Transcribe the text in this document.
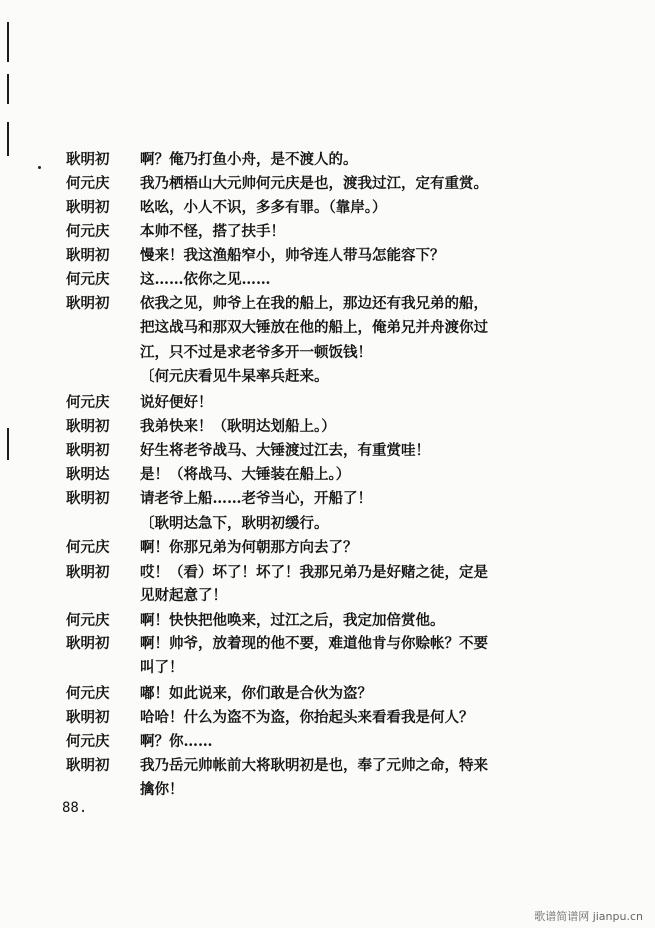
耿明初	啊？俺乃打鱼小舟，是不渡人的。
何元庆	我乃栖梧山大元帅何元庆是也，渡我过江，定有重赏。
耿明初	吆吆，小人不识，多多有罪。（靠岸。）
何元庆	本帅不怪，搭了扶手！
耿明初	慢来！我这渔船窄小，帅爷连人带马怎能容下？
何元庆	这……依你之见……
耿明初	依我之见，帅爷上在我的船上，那边还有我兄弟的船，
把这战马和那双大锤放在他的船上，俺弟兄并舟渡你过
江，只不过是求老爷多开一顿饭钱！
〔何元庆看见牛杲率兵赶来。
何元庆	说好便好！
耿明初	我弟快来！（耿明达划船上。）
耿明初	好生将老爷战马、大锤渡过江去，有重赏哇！
耿明达	是！（将战马、大锤装在船上。）
耿明初	请老爷上船……老爷当心，开船了！
〔耿明达急下，耿明初缓行。
何元庆	啊！你那兄弟为何朝那方向去了？
耿明初	哎！（看）坏了！坏了！我那兄弟乃是好赌之徒，定是
见财起意了！
何元庆	啊！快快把他唤来，过江之后，我定加倍赏他。
耿明初	啊！帅爷，放着现的他不要，难道他肯与你赊帐？不要
叫了！
何元庆	嘟！如此说来，你们敢是合伙为盗？
耿明初	哈哈！什么为盗不为盗，你抬起头来看看我是何人？
何元庆	啊？你……
耿明初	我乃岳元帅帐前大将耿明初是也，奉了元帅之命，特来
擒你！
88.
歌谱简谱网 jianpu.cn
